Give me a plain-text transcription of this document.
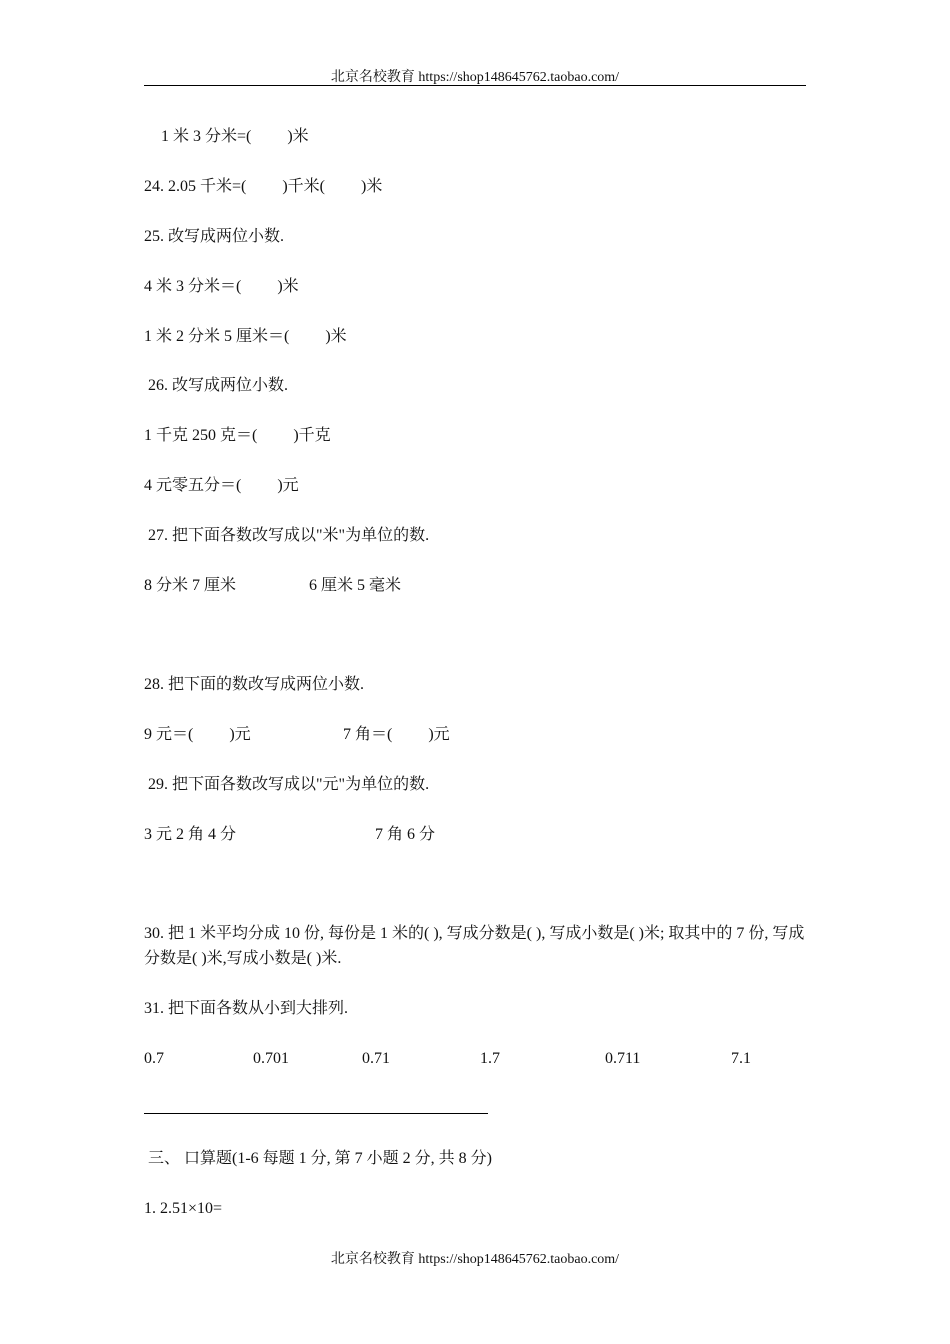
北京名校教育 https://shop148645762.taobao.com/
1 米 3 分米=(         )米
24. 2.05 千米=(         )千米(         )米
25. 改写成两位小数.
4 米 3 分米＝(         )米
1 米 2 分米 5 厘米＝(         )米
26. 改写成两位小数.
1 千克 250 克＝(         )千克
4 元零五分＝(         )元
27. 把下面各数改写成以"米"为单位的数.
8 分米 7 厘米	6 厘米 5 毫米
28. 把下面的数改写成两位小数.
9 元＝(         )元	7 角＝(         )元
29. 把下面各数改写成以"元"为单位的数.
3 元 2 角 4 分	7 角 6 分
30. 把 1 米平均分成 10 份, 每份是 1 米的( ), 写成分数是( ), 写成小数是( )米; 取其中的 7 份, 写成分数是( )米,写成小数是( )米.
31. 把下面各数从小到大排列.
0.7	0.701	0.71	1.7	0.711	7.1
三、 口算题(1-6 每题 1 分, 第 7 小题 2 分, 共 8 分)
1. 2.51×10=
北京名校教育 https://shop148645762.taobao.com/
